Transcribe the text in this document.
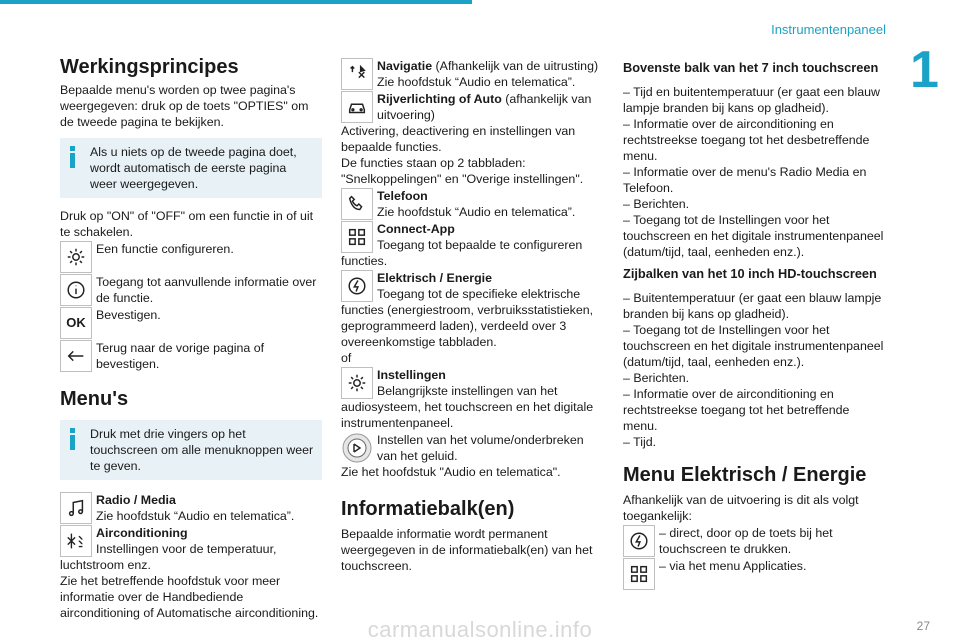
Instrumentenpaneel
1

Werkingsprincipes

Bepaalde menu's worden op twee pagina's weergegeven: druk op de toets "OPTIES" om de tweede pagina te bekijken.

Als u niets op de tweede pagina doet, wordt automatisch de eerste pagina weer weergegeven.

Druk op "ON" of "OFF" om een functie in of uit te schakelen.

Een functie configureren.

Toegang tot aanvullende informatie over de functie.

OK Bevestigen.

Terug naar de vorige pagina of bevestigen.

Menu's

Druk met drie vingers op het touchscreen om alle menuknoppen weer te geven.

Radio / Media

Zie hoofdstuk “Audio en telematica”.

Airconditioning

Instellingen voor de temperatuur, luchtstroom enz.

Zie het betreffende hoofdstuk voor meer informatie over de Handbediende airconditioning of Automatische airconditioning.

Navigatie (Afhankelijk van de uitrusting)

Zie hoofdstuk “Audio en telematica”.

Rijverlichting of Auto (afhankelijk van uitvoering)

Activering, deactivering en instellingen van bepaalde functies.

De functies staan op 2 tabbladen: "Snelkoppelingen" en "Overige instellingen".

Telefoon

Zie hoofdstuk “Audio en telematica”.

Connect-App

Toegang tot bepaalde te configureren functies.

Elektrisch / Energie

Toegang tot de specifieke elektrische functies (energiestroom, verbruiksstatistieken, geprogrammeerd laden), verdeeld over 3 overeenkomstige tabbladen.

of

Instellingen

Belangrijkste instellingen van het audiosysteem, het touchscreen en het digitale instrumentenpaneel.

Instellen van het volume/onderbreken van het geluid.

Zie het hoofdstuk "Audio en telematica".

Informatiebalk(en)

Bepaalde informatie wordt permanent weergegeven in de informatiebalk(en) van het touchscreen.

Bovenste balk van het 7 inch touchscreen

– Tijd en buitentemperatuur (er gaat een blauw lampje branden bij kans op gladheid).

– Informatie over de airconditioning en rechtstreekse toegang tot het desbetreffende menu.

– Informatie over de menu's Radio Media en Telefoon.

– Berichten.

– Toegang tot de Instellingen voor het touchscreen en het digitale instrumentenpaneel (datum/tijd, taal, eenheden enz.).

Zijbalken van het 10 inch HD-touchscreen

– Buitentemperatuur (er gaat een blauw lampje branden bij kans op gladheid).

– Toegang tot de Instellingen voor het touchscreen en het digitale instrumentenpaneel (datum/tijd, taal, eenheden enz.).

– Berichten.

– Informatie over de airconditioning en rechtstreekse toegang tot het betreffende menu.

– Tijd.

Menu Elektrisch / Energie

Afhankelijk van de uitvoering is dit als volgt toegankelijk:

– direct, door op de toets bij het touchscreen te drukken.

– via het menu Applicaties.

carmanualsonline.info	27
